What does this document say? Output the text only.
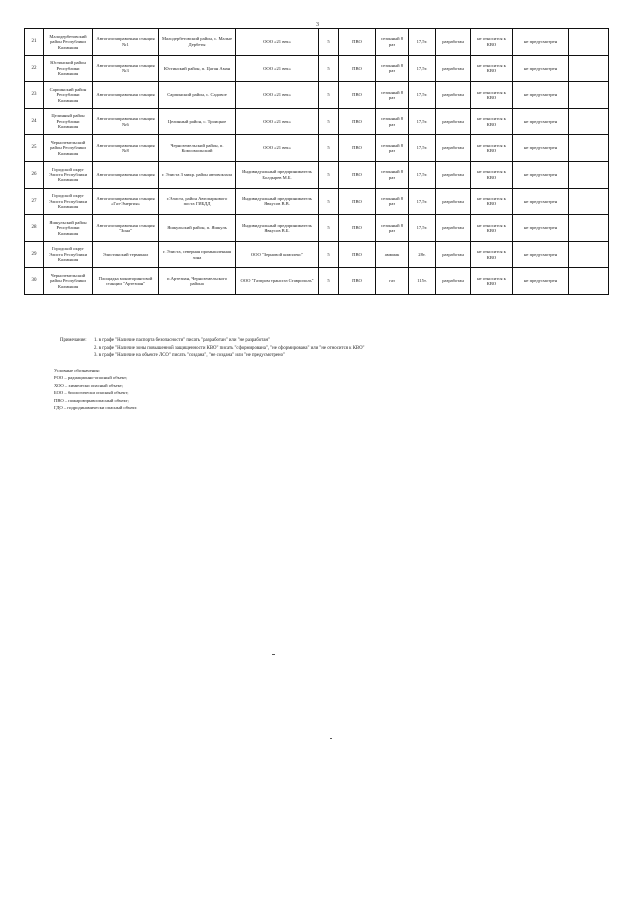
3
21	Малодербетовский район Республики Калмыкия	Автогазозаправочная станция №1	Малодербетовский район, с. Малые Дербеты	ООО «21 век»	5	ПВО	сезонный 8 раз	17,5т.	разработан	не относится к КВО	не предусмотрен	
22	Юстинский район Республики Калмыкия	Автогазозаправочная станция №3	Юстинский район, п. Цаган Аман	ООО «21 век»	5	ПВО	сезонный 8 раз	17,5т.	разработан	не относится к КВО	не предусмотрен	
23	Сарпинский район Республики Калмыкия	Автогазозаправочная станция	Сарпинский район, с. Садовое	ООО «21 век»	5	ПВО	сезонный 8 раз	17,5т.	разработан	не относится к КВО	не предусмотрен	
24	Целинный район Республики Калмыкия	Автогазозаправочная станция №6	Целинный район, с. Троицкое	ООО «21 век»	5	ПВО	сезонный 8 раз	17,5т.	разработан	не относится к КВО	не предусмотрен	
25	Черноземельский район Республики Калмыкия	Автогазозаправочная станция №8	Черноземельский район, п. Комсомольский	ООО «21 век»	5	ПВО	сезонный 8 раз	17,5т.	разработан	не относится к КВО	не предусмотрен	
26	Городской округ Элиста Республики Калмыкия	Автогазозаправочная станция	г. Элиста 3 микр. район автовокзала	Индивидуальный предприниматель Болдырев М.Б.	5	ПВО	сезонный 8 раз	17,5т.	разработан	не относится к КВО	не предусмотрен	
27	Городской округ Элиста Республики Калмыкия	Автогазозаправочная станция «Газ-Энергия»	г.Элиста, район Автопаркового поста ГИБДД	Индивидуальный предприниматель Явкусов В.В.	5	ПВО	сезонный 8 раз	17,5т.	разработан	не относится к КВО	не предусмотрен	
28	Яшкульский район Республики Калмыкия	Автогазозаправочная станция "Зона"	Яшкульский район, п. Яшкуль	Индивидуальный предприниматель Явкусов В.Б.	5	ПВО	сезонный 8 раз	17,5т.	разработан	не относится к КВО	не предусмотрен	
29	Городской округ Элиста Республики Калмыкия	Элистинский терминал	г. Элиста, северная промышленная зона	ООО "Зерновой комплекс"	5	ПВО	аммиак	28т.	разработан	не относится к КВО	не предусмотрен	
30	Черноземельский район Республики Калмыкия	Площадка мониторинговой станции "Артезиан"	п.Артезиан, Черноземельского района	ООО "Газпром трансгаз Ставрополь"	5	ПВО	газ	115т.	разработан	не относится к КВО	не предусмотрен	
Примечание: 1. в графе "Наличие паспорта безопасности" писать "разработан" или "не разработан"
2. в графе "Наличие зоны повышенной защищенности КВО" писать "сформирована", "не сформирована" или "не относится к КВО"
3. в графе "Наличие на объекте ЛСО" писать "создана", "не создана" или "не предусмотрено"
Условные обозначения:
РОО – радиационно-опасный объект;
ХОО – химически опасный объект;
БОО – биологически опасный объект;
ПВО – пожаровзрывоопасный объект;
ГДО – гидродинамически опасный объект.
